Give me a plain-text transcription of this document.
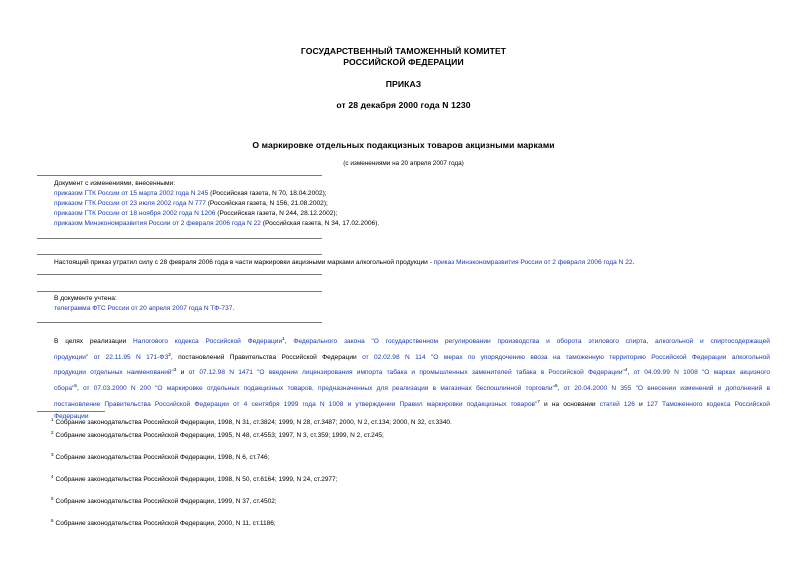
ГОСУДАРСТВЕННЫЙ ТАМОЖЕННЫЙ КОМИТЕТ
РОССИЙСКОЙ ФЕДЕРАЦИИ
ПРИКАЗ
от 28 декабря 2000 года N 1230
О маркировке отдельных подакцизных товаров акцизными марками
(с изменениями на 20 апреля 2007 года)
Документ с изменениями, внесенными:
приказом ГТК России от 15 марта 2002 года N 245 (Российская газета, N 70, 18.04.2002);
приказом ГТК России от 23 июля 2002 года N 777 (Российская газета, N 156, 21.08.2002);
приказом ГТК России от 18 ноября 2002 года N 1206 (Российская газета, N 244, 28.12.2002);
приказом Минэкономразвития России от 2 февраля 2006 года N 22 (Российская газета, N 34, 17.02.2006).
Настоящий приказ утратил силу с 28 февраля 2006 года в части маркировки акцизными марками алкогольной продукции - приказ Минэкономразвития России от 2 февраля 2006 года N 22.
В документе учтена:
телеграмма ФТС России от 20 апреля 2007 года N ТФ-737.
В целях реализации Налогового кодекса Российской Федерации$^1$, Федерального закона "О государственном регулировании производства и оборота этилового спирта, алкогольной и спиртосодержащей
продукции" от 22.11.95 N $171-ФЗ^2$, постановлений Правительства Российской Федерации от 02.02.98 N 114 "О мерах по упорядочению ввоза на таможенную территорию Российской Федерации алкогольной
продукции отдельных наименований"$^3$ и от 07.12.98 N 1471 "О введении лицензирования импорта табака и промышленных заменителей табака в Российской Федерации"$^4$, от 04.09.99 N 1008 "О марках акцизного
сбора"$^5$, от 07.03.2000 N 200 "О маркировке отдельных подакцизных товаров, предназначенных для реализации в магазинах беспошлинной торговли"$^6$, от 20.04.2000 N 355 "О внесении изменений и дополнений в
постановление Правительства Российской Федерации от 4 сентября 1999 года N 1008 и утверждении Правил маркировки подакцизных товаров"$^7$ и на основании статей 126 и 127 Таможенного кодекса Российской
Федерации
$^1$ Собрание законодательства Российской Федерации, 1998, N 31, ст.3824; 1999, N 28, ст.3487; 2000, N 2, ст.134; 2000, N 32, ст.3340.
$^2$ Собрание законодательства Российской Федерации, 1995, N 48, ст.4553; 1997, N 3, ст.359; 1999, N 2, ст.245;
$^3$ Собрание законодательства Российской Федерации, 1998, N 6, ст.746;
$^4$ Собрание законодательства Российской Федерации, 1998, N 50, ст.6164; 1999, N 24, ст.2977;
$^5$ Собрание законодательства Российской Федерации, 1999, N 37, ст.4502;
$^6$ Собрание законодательства Российской Федерации, 2000, N 11, ст.1186;
